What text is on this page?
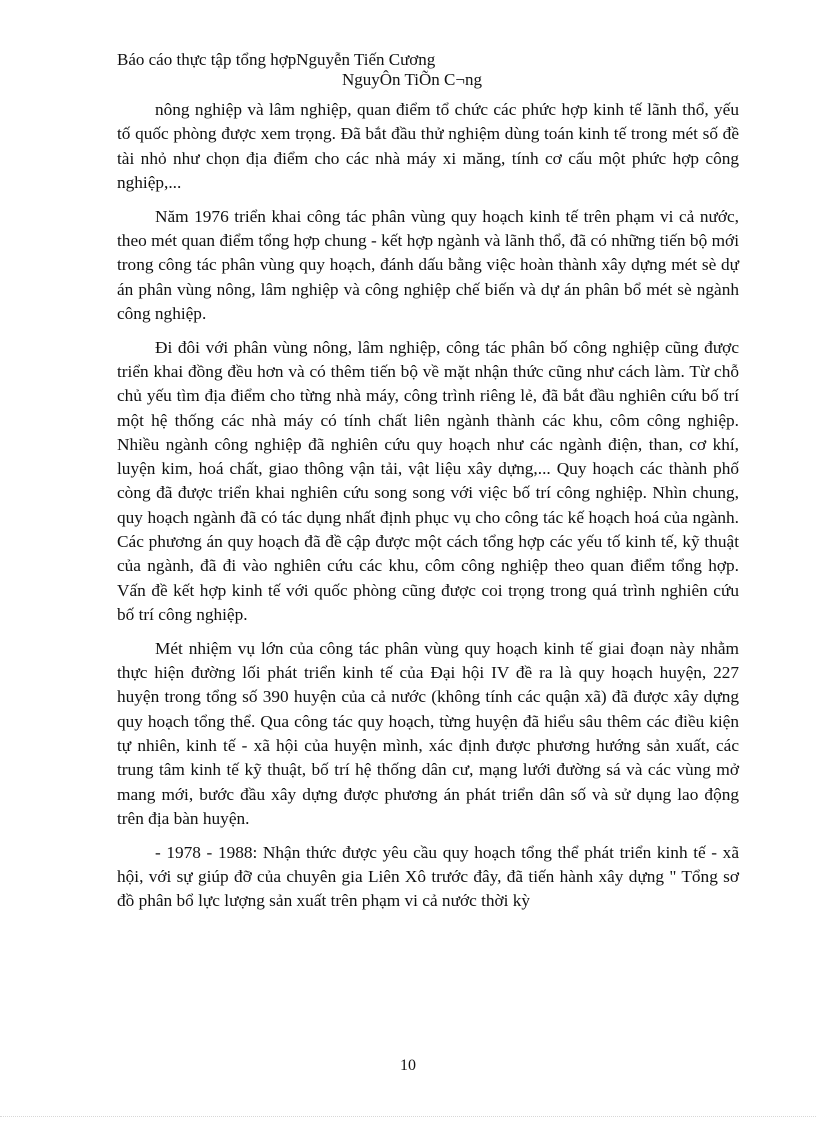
Báo cáo thực tập tổng hợpNguyễn Tiến Cương
NguyÔn TiÕn C¬ng

nông nghiệp và lâm nghiệp, quan điểm tổ chức các phức hợp kinh tế lãnh thổ, yếu tố quốc phòng được xem trọng. Đã bắt đầu thử nghiệm dùng toán kinh tế trong mét số đề tài nhỏ như chọn địa điểm cho các nhà máy xi măng, tính cơ cấu một phức hợp công nghiệp,...

Năm 1976 triển khai công tác phân vùng quy hoạch kinh tế trên phạm vi cả nước, theo mét quan điểm tổng hợp chung - kết hợp ngành và lãnh thổ, đã có những tiến bộ mới trong công tác phân vùng quy hoạch, đánh dấu bằng việc hoàn thành xây dựng mét sè dự án phân vùng nông, lâm nghiệp và công nghiệp chế biến và dự án phân bổ mét sè ngành công nghiệp.

Đi đôi với phân vùng nông, lâm nghiệp, công tác phân bố công nghiệp cũng được triển khai đồng đều hơn và có thêm tiến bộ về mặt nhận thức cũng như cách làm. Từ chỗ chủ yếu tìm địa điểm cho từng nhà máy, công trình riêng lẻ, đã bắt đầu nghiên cứu bố trí một hệ thống các nhà máy có tính chất liên ngành thành các khu, côm công nghiệp. Nhiều ngành công nghiệp đã nghiên cứu quy hoạch như các ngành điện, than, cơ khí, luyện kim, hoá chất, giao thông vận tải, vật liệu xây dựng,... Quy hoạch các thành phố còng đã được triển khai nghiên cứu song song với việc bố trí công nghiệp. Nhìn chung, quy hoạch ngành đã có tác dụng nhất định phục vụ cho công tác kế hoạch hoá của ngành. Các phương án quy hoạch đã đề cập được một cách tổng hợp các yếu tố kinh tế, kỹ thuật của ngành, đã đi vào nghiên cứu các khu, côm công nghiệp theo quan điểm tổng hợp. Vấn đề kết hợp kinh tế với quốc phòng cũng được coi trọng trong quá trình nghiên cứu bố trí công nghiệp.

Mét nhiệm vụ lớn của công tác phân vùng quy hoạch kinh tế giai đoạn này nhằm thực hiện đường lối phát triển kinh tế của Đại hội IV đề ra là quy hoạch huyện, 227 huyện trong tổng số 390 huyện của cả nước (không tính các quận xã) đã được xây dựng quy hoạch tổng thể. Qua công tác quy hoạch, từng huyện đã hiểu sâu thêm các điều kiện tự nhiên, kinh tế - xã hội của huyện mình, xác định được phương hướng sản xuất, các trung tâm kinh tế kỹ thuật, bố trí hệ thống dân cư, mạng lưới đường sá và các vùng mở mang mới, bước đầu xây dựng được phương án phát triển dân số và sử dụng lao động trên địa bàn huyện.

- 1978 - 1988: Nhận thức được yêu cầu quy hoạch tổng thể phát triển kinh tế - xã hội, với sự giúp đỡ của chuyên gia Liên Xô trước đây, đã tiến hành xây dựng " Tổng sơ đồ phân bổ lực lượng sản xuất trên phạm vi cả nước thời kỳ

10
